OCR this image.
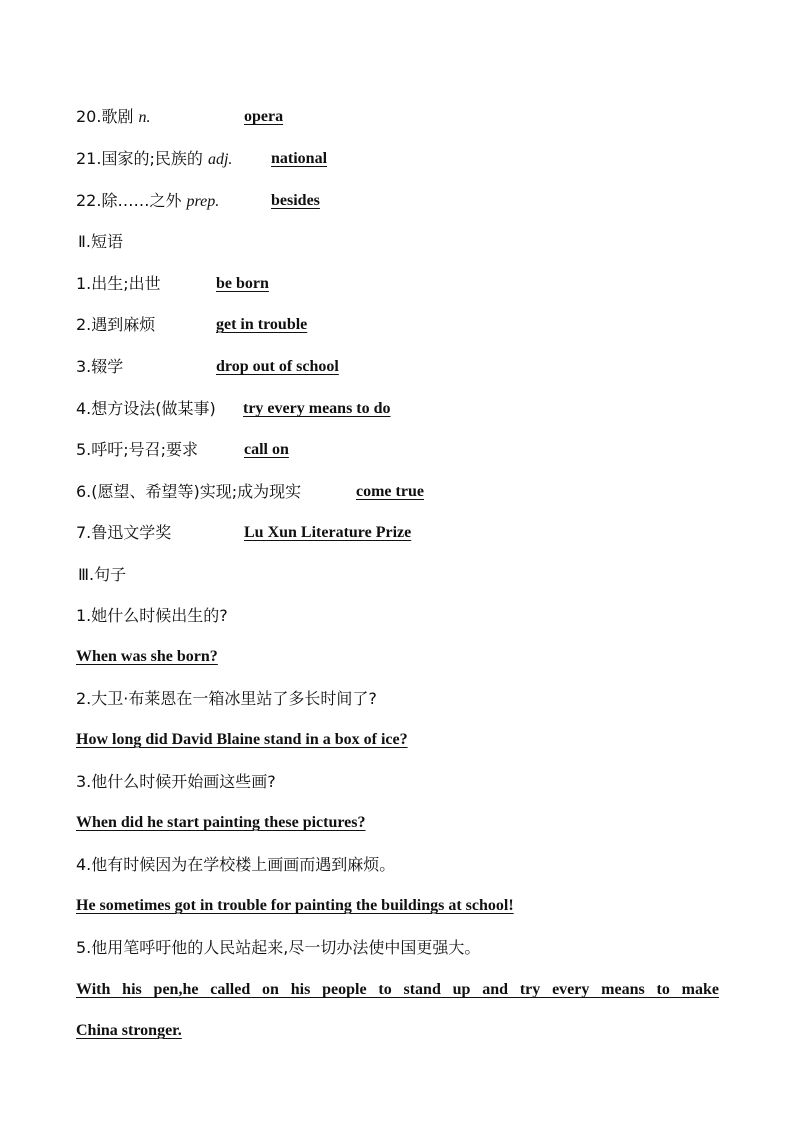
20.歌剧 n.	opera
21.国家的;民族的 adj. national
22.除……之外 prep.	besides
Ⅱ.短语
1.出生;出世	be born
2.遇到麻烦	get in trouble
3.辍学	drop out of school
4.想方设法(做某事) try every means to do
5.呼吁;号召;要求	call on
6.(愿望、希望等)实现;成为现实	come true
7.鲁迅文学奖	Lu Xun Literature Prize
Ⅲ.句子
1.她什么时候出生的?
When was she born?
2.大卫·布莱恩在一箱冰里站了多长时间了?
How long did David Blaine stand in a box of ice?
3.他什么时候开始画这些画?
When did he start painting these pictures?
4.他有时候因为在学校楼上画画而遇到麻烦。
He sometimes got in trouble for painting the buildings at school!
5.他用笔呼吁他的人民站起来,尽一切办法使中国更强大。
With his pen,he called on his people to stand up and try every means to make
China stronger.
